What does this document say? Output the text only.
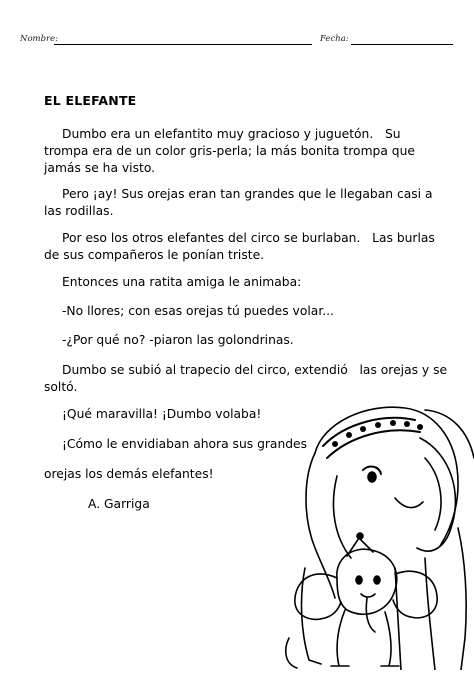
Nombre:	Fecha:
EL ELEFANTE
Dumbo era un elefantito muy gracioso y juguetón.   Su trompa era de un color gris-perla; la más bonita trompa que jamás se ha visto.
Pero ¡ay! Sus orejas eran tan grandes que le llegaban casi a las rodillas.
Por eso los otros elefantes del circo se burlaban.   Las burlas de sus compañeros le ponían triste.
Entonces una ratita amiga le animaba:
-No llores; con esas orejas tú puedes volar...
-¿Por qué no? -piaron las golondrinas.
Dumbo se subió al trapecio del circo, extendió   las orejas y se soltó.
¡Qué maravilla! ¡Dumbo volaba!
¡Cómo le envidiaban ahora sus grandes
orejas los demás elefantes!
A. Garriga
